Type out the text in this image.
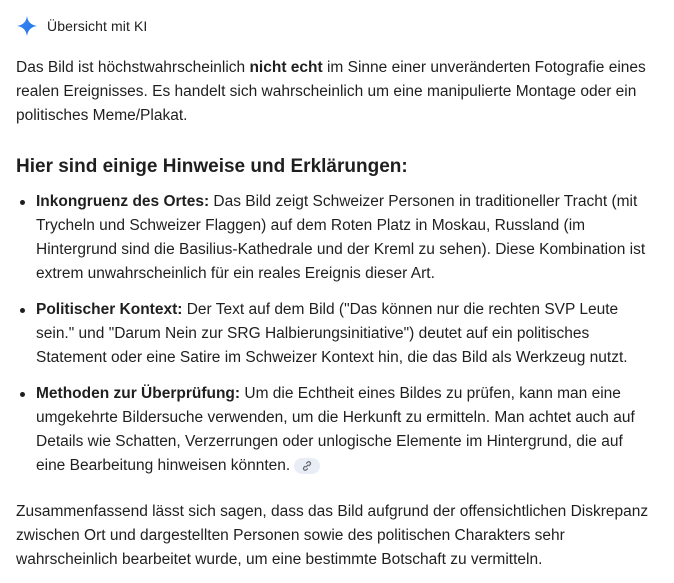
Übersicht mit KI

Das Bild ist höchstwahrscheinlich nicht echt im Sinne einer unveränderten Fotografie eines realen Ereignisses. Es handelt sich wahrscheinlich um eine manipulierte Montage oder ein politisches Meme/Plakat.

Hier sind einige Hinweise und Erklärungen:
Inkongruenz des Ortes: Das Bild zeigt Schweizer Personen in traditioneller Tracht (mit Trycheln und Schweizer Flaggen) auf dem Roten Platz in Moskau, Russland (im Hintergrund sind die Basilius-Kathedrale und der Kreml zu sehen). Diese Kombination ist extrem unwahrscheinlich für ein reales Ereignis dieser Art.
Politischer Kontext: Der Text auf dem Bild ("Das können nur die rechten SVP Leute sein." und "Darum Nein zur SRG Halbierungsinitiative") deutet auf ein politisches Statement oder eine Satire im Schweizer Kontext hin, die das Bild als Werkzeug nutzt.
Methoden zur Überprüfung: Um die Echtheit eines Bildes zu prüfen, kann man eine umgekehrte Bildersuche verwenden, um die Herkunft zu ermitteln. Man achtet auch auf Details wie Schatten, Verzerrungen oder unlogische Elemente im Hintergrund, die auf eine Bearbeitung hinweisen könnten.

Zusammenfassend lässt sich sagen, dass das Bild aufgrund der offensichtlichen Diskrepanz zwischen Ort und dargestellten Personen sowie des politischen Charakters sehr wahrscheinlich bearbeitet wurde, um eine bestimmte Botschaft zu vermitteln.
